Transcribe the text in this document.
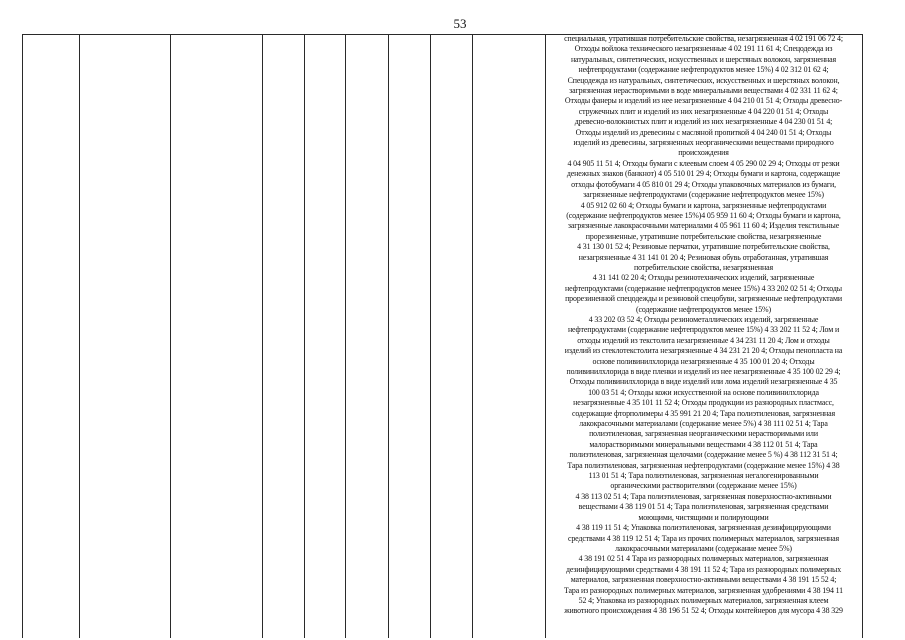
53
специальная, утратившая потребительские свойства, незагрязненная 4 02 191 06 72 4;
Отходы войлока технического незагрязненные 4 02 191 11 61 4; Спецодежда из
натуральных, синтетических, искусственных и шерстяных волокон, загрязненная
нефтепродуктами (содержание нефтепродуктов менее 15%) 4 02 312 01 62 4;
Спецодежда из натуральных, синтетических, искусственных и шерстяных волокон,
загрязненная нерастворимыми в воде минеральными веществами 4 02 331 11 62 4;
Отходы фанеры и изделий из нее незагрязненные 4 04 210 01 51 4; Отходы древесно-
стружечных плит и изделий из них незагрязненные 4 04 220 01 51 4; Отходы
древесно-волокнистых плит и изделий из них незагрязненные 4 04 230 01 51 4;
Отходы изделий из древесины с масляной пропиткой 4 04 240 01 51 4; Отходы
изделий из древесины, загрязненных неорганическими веществами природного
происхождения
4 04 905 11 51 4; Отходы бумаги с клеевым слоем 4 05 290 02 29 4; Отходы от резки
денежных знаков (банкнот) 4 05 510 01 29 4; Отходы бумаги и картона, содержащие
отходы фотобумаги 4 05 810 01 29 4; Отходы упаковочных материалов из бумаги,
загрязненные нефтепродуктами (содержание нефтепродуктов менее 15%)
4 05 912 02 60 4; Отходы бумаги и картона, загрязненные нефтепродуктами
(содержание нефтепродуктов менее 15%)4 05 959 11 60 4; Отходы бумаги и картона,
загрязненные лакокрасочными материалами 4 05 961 11 60 4; Изделия текстильные
прорезиненные, утратившие потребительские свойства, незагрязненные
4 31 130 01 52 4; Резиновые перчатки, утратившие потребительские свойства,
незагрязненные 4 31 141 01 20 4; Резиновая обувь отработанная, утратившая
потребительские свойства, незагрязненная
4 31 141 02 20 4; Отходы резинотехнических изделий, загрязненные
нефтепродуктами (содержание нефтепродуктов менее 15%) 4 33 202 02 51 4; Отходы
прорезиненной спецодежды и резиновой спецобуви, загрязненные нефтепродуктами
(содержание нефтепродуктов менее 15%)
4 33 202 03 52 4; Отходы резинометаллических изделий, загрязненные
нефтепродуктами (содержание нефтепродуктов менее 15%) 4 33 202 11 52 4; Лом и
отходы изделий из текстолита незагрязненные 4 34 231 11 20 4; Лом и отходы
изделий из стеклотекстолита незагрязненные 4 34 231 21 20 4; Отходы пенопласта на
основе поливинилхлорида незагрязненные 4 35 100 01 20 4; Отходы
поливинилхлорида в виде пленки и изделий из нее незагрязненные 4 35 100 02 29 4;
Отходы поливинилхлорида в виде изделий или лома изделий незагрязненные 4 35
100 03 51 4; Отходы кожи искусственной на основе поливинилхлорида
незагрязненные 4 35 101 11 52 4; Отходы продукции из разнородных пластмасс,
содержащие фторполимеры 4 35 991 21 20 4; Тара полиэтиленовая, загрязненная
лакокрасочными материалами (содержание менее 5%) 4 38 111 02 51 4; Тара
полиэтиленовая, загрязненная неорганическими нерастворимыми или
малорастворимыми минеральными веществами 4 38 112 01 51 4; Тара
полиэтиленовая, загрязненная щелочами (содержание менее 5 %) 4 38 112 31 51 4;
Тара полиэтиленовая, загрязненная нефтепродуктами (содержание менее 15%) 4 38
113 01 51 4; Тара полиэтиленовая, загрязненная негалогенированными
органическими растворителями (содержание менее 15%)
4 38 113 02 51 4; Тара полиэтиленовая, загрязненная поверхностно-активными
веществами 4 38 119 01 51 4; Тара полиэтиленовая, загрязненная средствами
моющими, чистящими и полирующими
4 38 119 11 51 4; Упаковка полиэтиленовая, загрязненная дезинфицирующими
средствами 4 38 119 12 51 4; Тара из прочих полимерных материалов, загрязненная
лакокрасочными материалами (содержание менее 5%)
4 38 191 02 51 4 Тара из разнородных полимерных материалов, загрязненная
дезинфицирующими средствами 4 38 191 11 52 4; Тара из разнородных полимерных
материалов, загрязненная поверхностно-активными веществами 4 38 191 15 52 4;
Тара из разнородных полимерных материалов, загрязненная удобрениями 4 38 194 11
52 4; Упаковка из разнородных полимерных материалов, загрязненная клеем
животного происхождения 4 38 196 51 52 4; Отходы контейнеров для мусора 4 38 329
